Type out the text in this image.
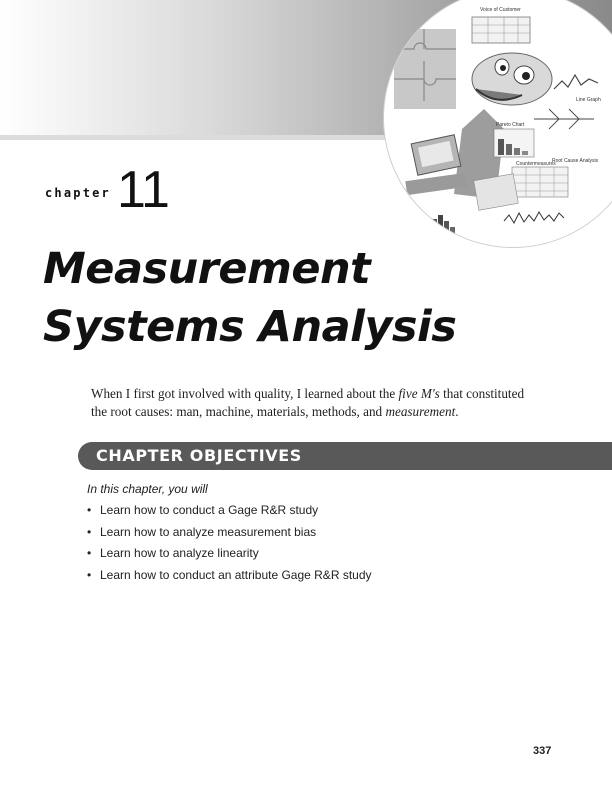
Voice of Customer
Line Graph
Pareto Chart
Root Cause Analysis
Countermeasures
chapter 11
Measurement
Systems Analysis

When I first got involved with quality, I learned about the five M's that constituted the root causes: man, machine, materials, methods, and measurement.

CHAPTER OBJECTIVES
In this chapter, you will
• Learn how to conduct a Gage R&R study
• Learn how to analyze measurement bias
• Learn how to analyze linearity
• Learn how to conduct an attribute Gage R&R study
337
